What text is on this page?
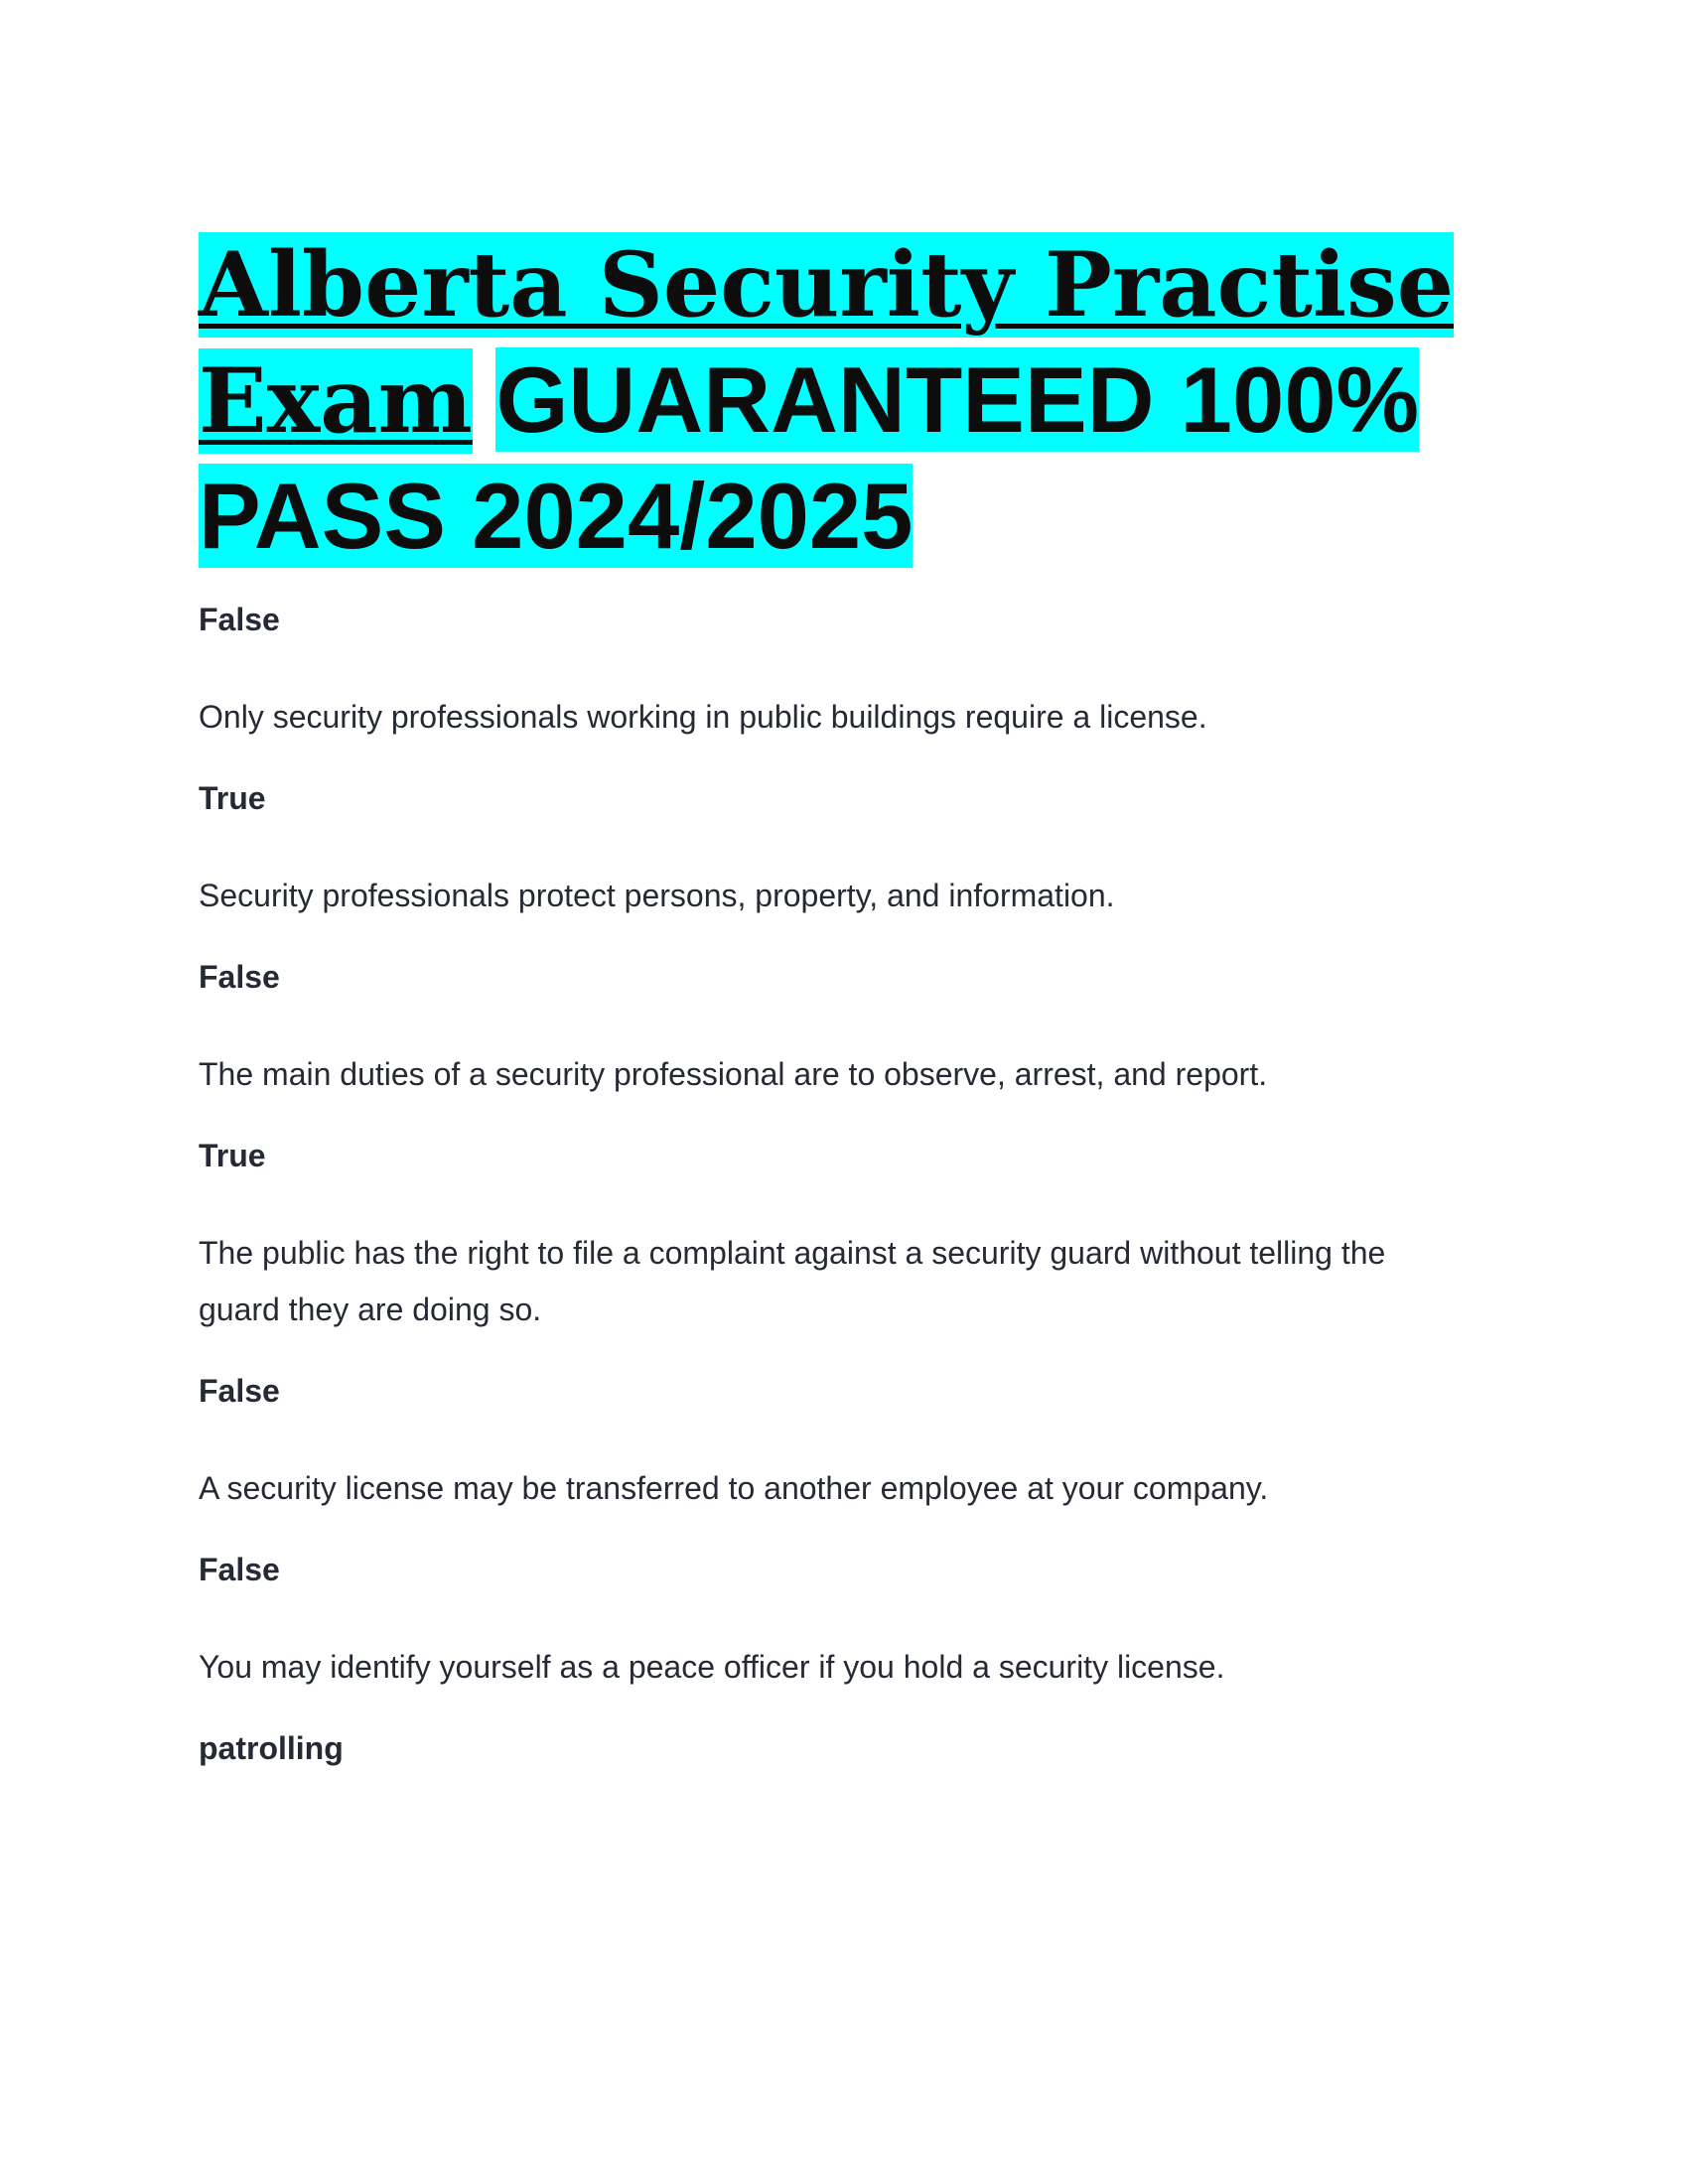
Alberta Security Practise Exam GUARANTEED 100% PASS 2024/2025

False

Only security professionals working in public buildings require a license.

True

Security professionals protect persons, property, and information.

False

The main duties of a security professional are to observe, arrest, and report.

True

The public has the right to file a complaint against a security guard without telling the guard they are doing so.

False

A security license may be transferred to another employee at your company.

False

You may identify yourself as a peace officer if you hold a security license.

patrolling
